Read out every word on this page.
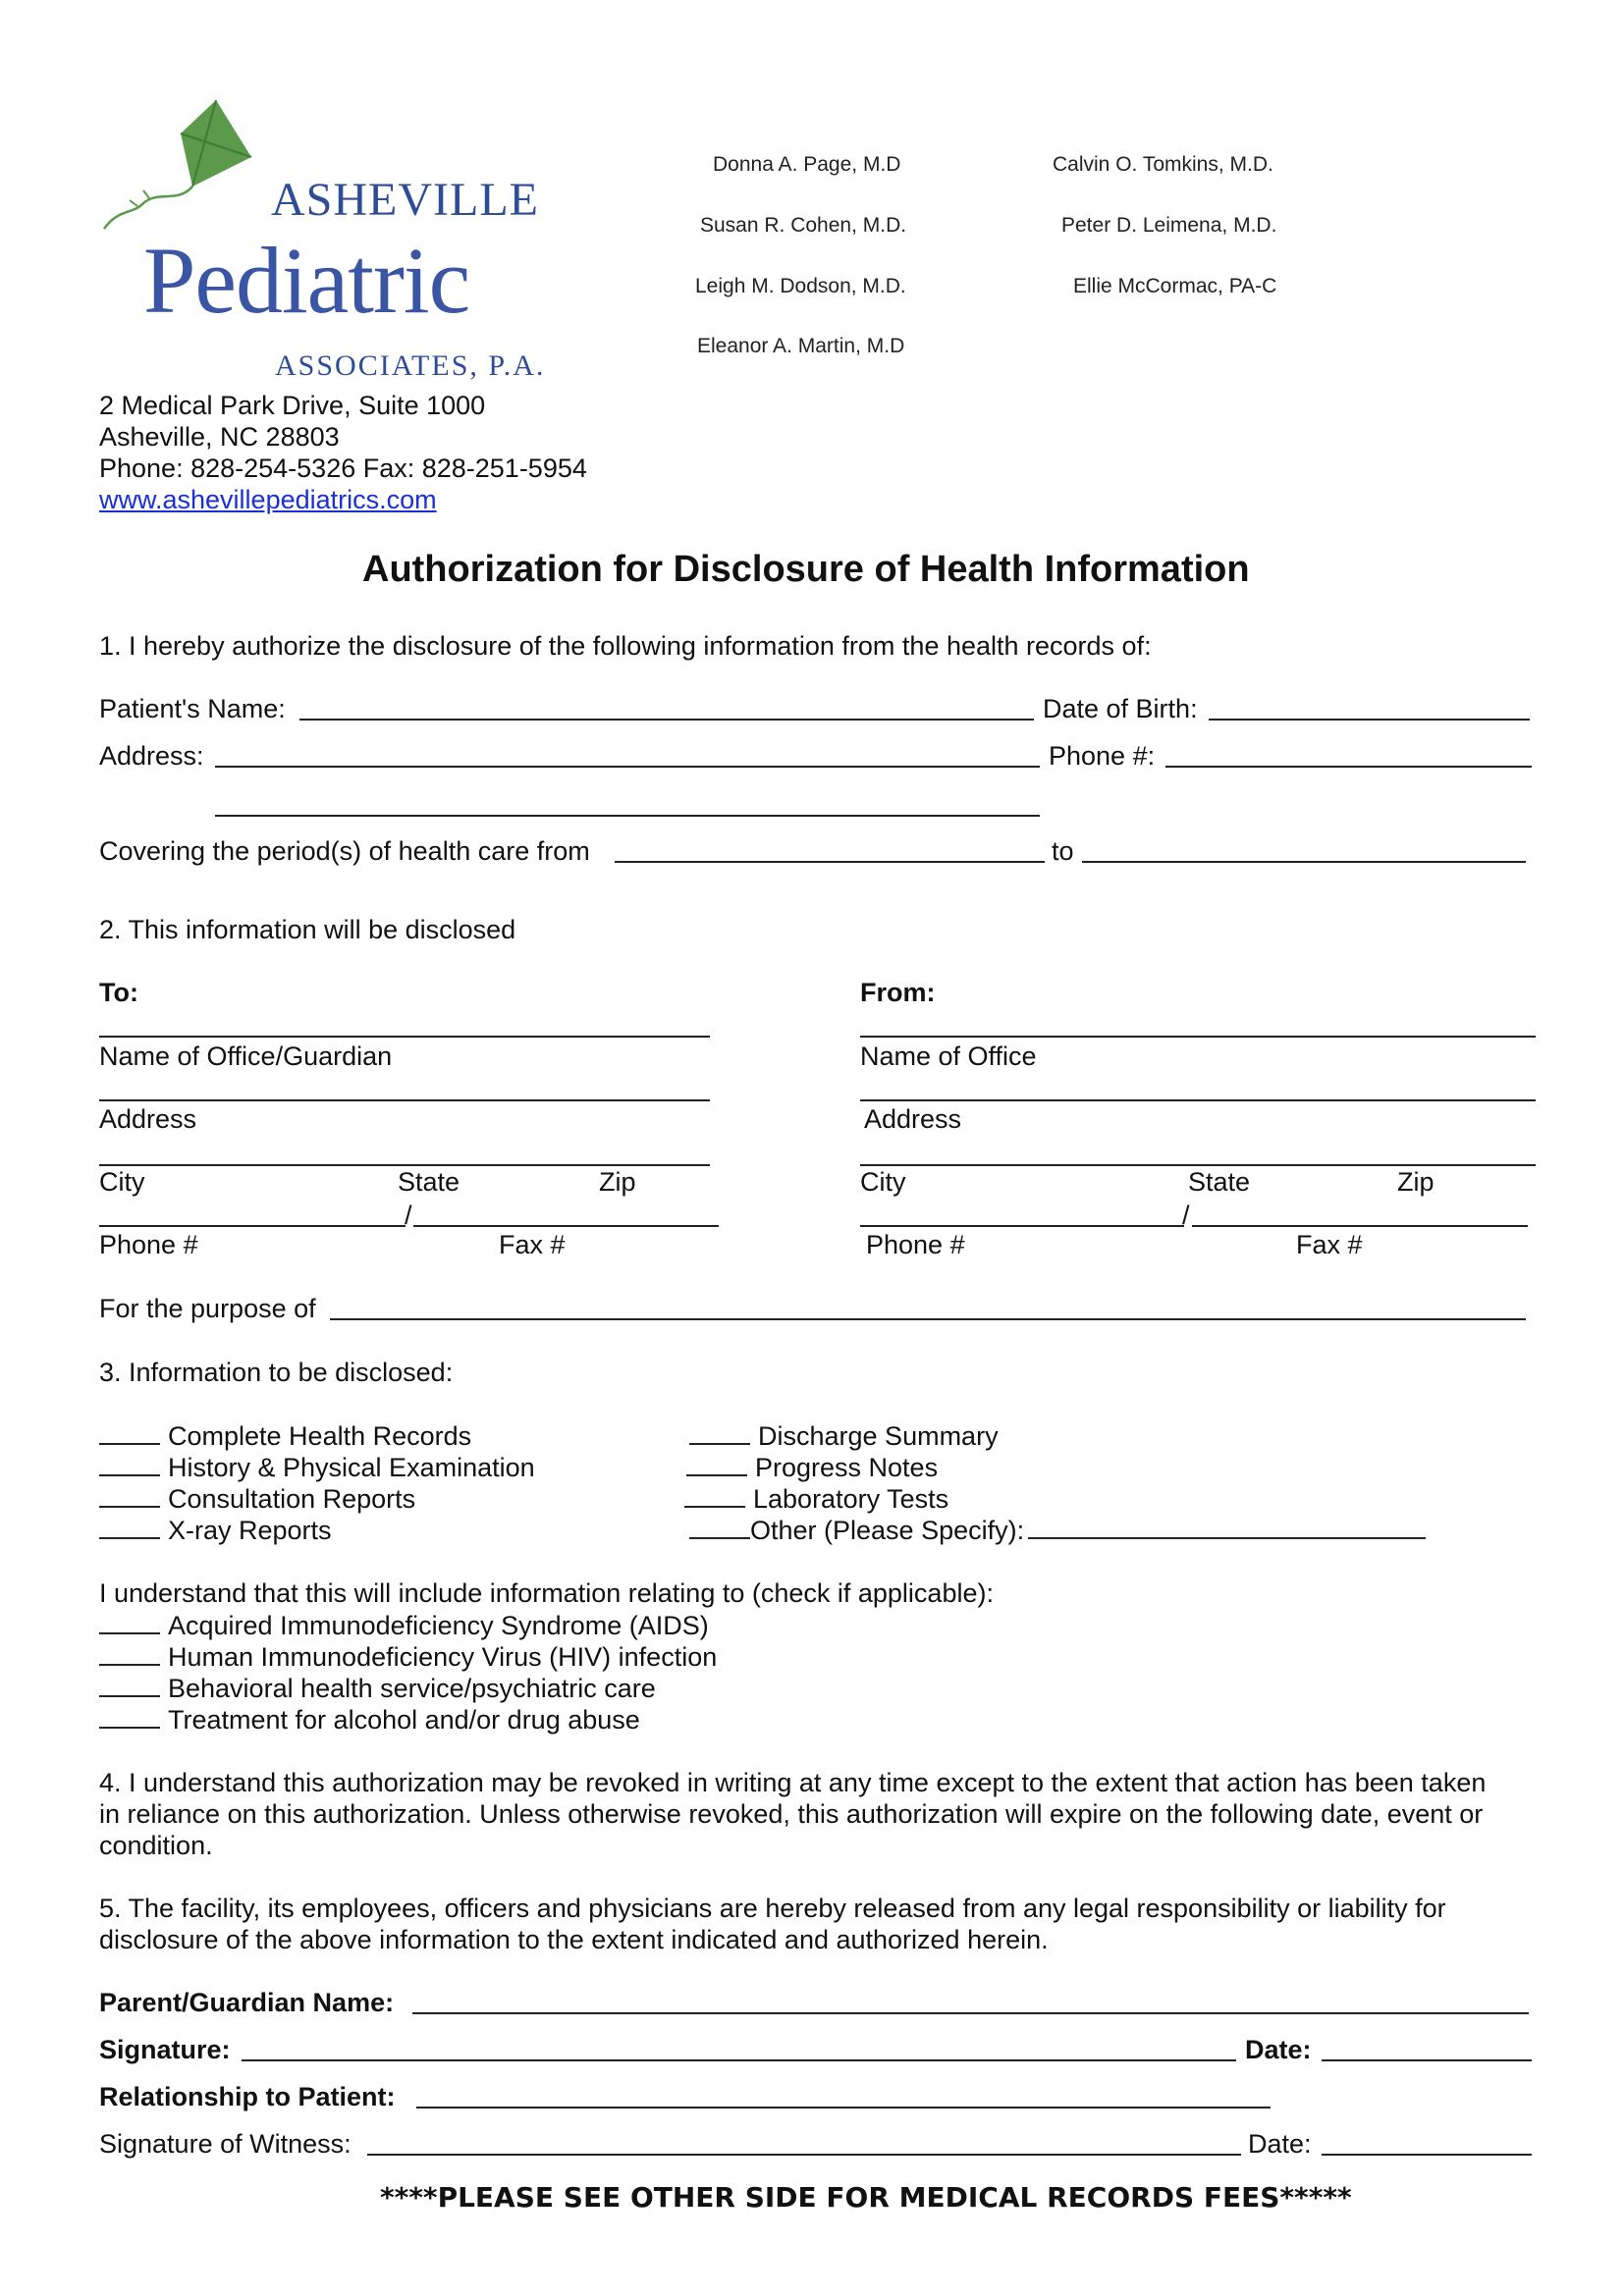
ASHEVILLE
Pediatric
ASSOCIATES, P.A.
2 Medical Park Drive, Suite 1000
Asheville, NC 28803
Phone: 828-254-5326 Fax: 828-251-5954
www.ashevillepediatrics.com
Donna A. Page, M.D
Susan R. Cohen, M.D.
Leigh M. Dodson, M.D.
Eleanor A. Martin, M.D
Calvin O. Tomkins, M.D.
Peter D. Leimena, M.D.
Ellie McCormac, PA-C
Authorization for Disclosure of Health Information
1. I hereby authorize the disclosure of the following information from the health records of:
Patient's Name:	Date of Birth:
Address:	Phone #:
Covering the period(s) of health care from	to
2. This information will be disclosed
To:	From:
Name of Office/Guardian
Address
City	State	Zip
/
Phone #	Fax #
Name of Office
Address
City	State	Zip
/
Phone #	Fax #
For the purpose of
3. Information to be disclosed:
Complete Health Records
History & Physical Examination
Consultation Reports
X-ray Reports
Discharge Summary
Progress Notes
Laboratory Tests
Other (Please Specify):
I understand that this will include information relating to (check if applicable):
Acquired Immunodeficiency Syndrome (AIDS)
Human Immunodeficiency Virus (HIV) infection
Behavioral health service/psychiatric care
Treatment for alcohol and/or drug abuse
4. I understand this authorization may be revoked in writing at any time except to the extent that action has been taken
in reliance on this authorization. Unless otherwise revoked, this authorization will expire on the following date, event or
condition.
5. The facility, its employees, officers and physicians are hereby released from any legal responsibility or liability for
disclosure of the above information to the extent indicated and authorized herein.
Parent/Guardian Name:
Signature:	Date:
Relationship to Patient:
Signature of Witness:	Date:
****PLEASE SEE OTHER SIDE FOR MEDICAL RECORDS FEES*****
